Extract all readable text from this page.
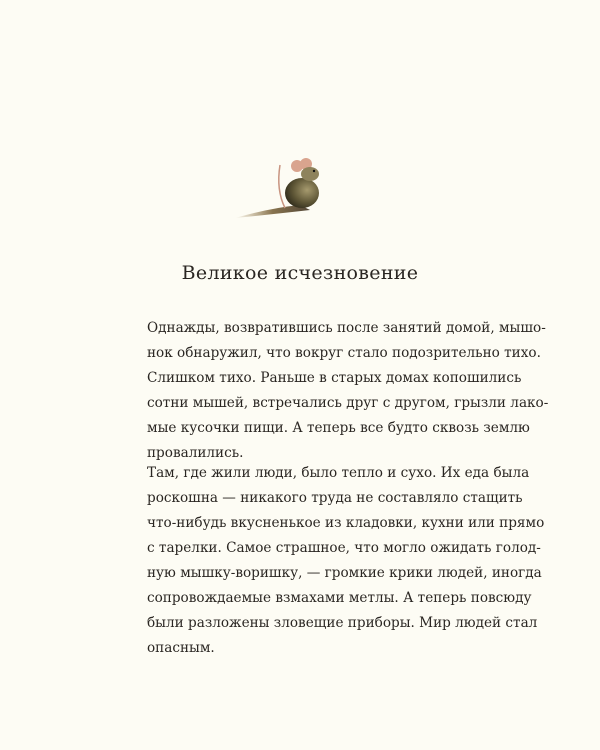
Великое исчезновение
Однажды, возвратившись после занятий домой, мышо-
нок обнаружил, что вокруг стало подозрительно тихо.
Слишком тихо. Раньше в старых домах копошились
сотни мышей, встречались друг с другом, грызли лако-
мые кусочки пищи. А теперь все будто сквозь землю
провалились.
Там, где жили люди, было тепло и сухо. Их еда была
роскошна — никакого труда не составляло стащить
что-нибудь вкусненькое из кладовки, кухни или прямо
с тарелки. Самое страшное, что могло ожидать голод-
ную мышку-воришку, — громкие крики людей, иногда
сопровождаемые взмахами метлы. А теперь повсюду
были разложены зловещие приборы. Мир людей стал
опасным.
